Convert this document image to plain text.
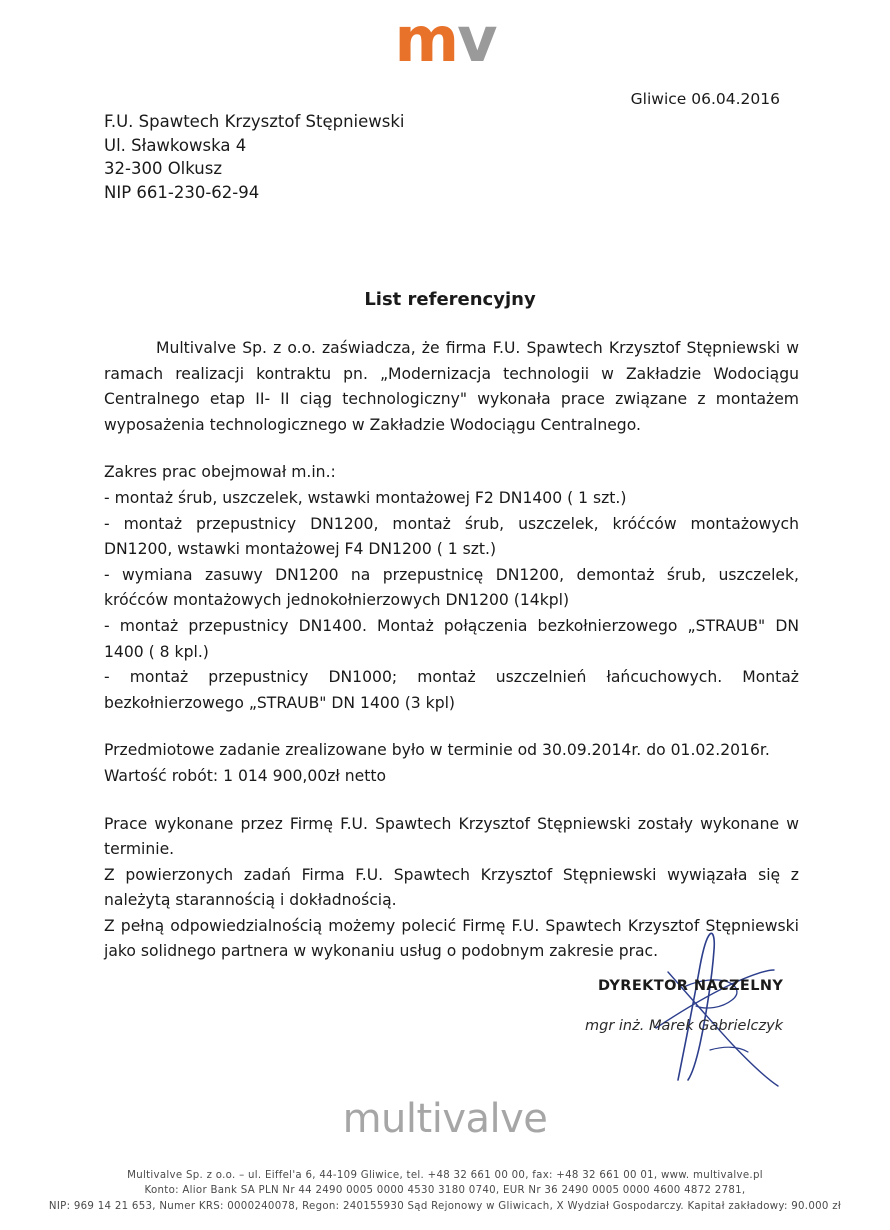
mv
Gliwice 06.04.2016
F.U. Spawtech Krzysztof Stępniewski
Ul. Sławkowska 4
32-300 Olkusz
NIP 661-230-62-94
List referencyjny

Multivalve Sp. z o.o. zaświadcza, że firma F.U. Spawtech Krzysztof Stępniewski w ramach realizacji kontraktu pn. „Modernizacja technologii w Zakładzie Wodociągu Centralnego etap II- II ciąg technologiczny" wykonała prace związane z montażem wyposażenia technologicznego w Zakładzie Wodociągu Centralnego.

Zakres prac obejmował m.in.:

- montaż śrub, uszczelek, wstawki montażowej F2 DN1400 ( 1 szt.)

- montaż przepustnicy DN1200, montaż śrub, uszczelek, króćców montażowych DN1200, wstawki montażowej F4 DN1200 ( 1 szt.)

- wymiana zasuwy DN1200 na przepustnicę DN1200, demontaż śrub, uszczelek, króćców montażowych jednokołnierzowych DN1200 (14kpl)

- montaż przepustnicy DN1400. Montaż połączenia bezkołnierzowego „STRAUB" DN 1400 ( 8 kpl.)

- montaż przepustnicy DN1000; montaż uszczelnień łańcuchowych. Montaż bezkołnierzowego „STRAUB" DN 1400 (3 kpl)

Przedmiotowe zadanie zrealizowane było w terminie od 30.09.2014r. do 01.02.2016r.

Wartość robót: 1 014 900,00zł netto

Prace wykonane przez Firmę F.U. Spawtech Krzysztof Stępniewski zostały wykonane w terminie.

Z powierzonych zadań Firma F.U. Spawtech Krzysztof Stępniewski wywiązała się z należytą starannością i dokładnością.

Z pełną odpowiedzialnością możemy polecić Firmę F.U. Spawtech Krzysztof Stępniewski jako solidnego partnera w wykonaniu usług o podobnym zakresie prac.

DYREKTOR NACZELNY
mgr inż. Marek Gabrielczyk
multivalve
Multivalve Sp. z o.o. – ul. Eiffel'a 6, 44-109 Gliwice, tel. +48 32 661 00 00, fax: +48 32 661 00 01, www. multivalve.pl
Konto: Alior Bank SA PLN Nr 44 2490 0005 0000 4530 3180 0740, EUR Nr 36 2490 0005 0000 4600 4872 2781,
NIP: 969 14 21 653, Numer KRS: 0000240078, Regon: 240155930 Sąd Rejonowy w Gliwicach, X Wydział Gospodarczy. Kapitał zakładowy: 90.000 zł
